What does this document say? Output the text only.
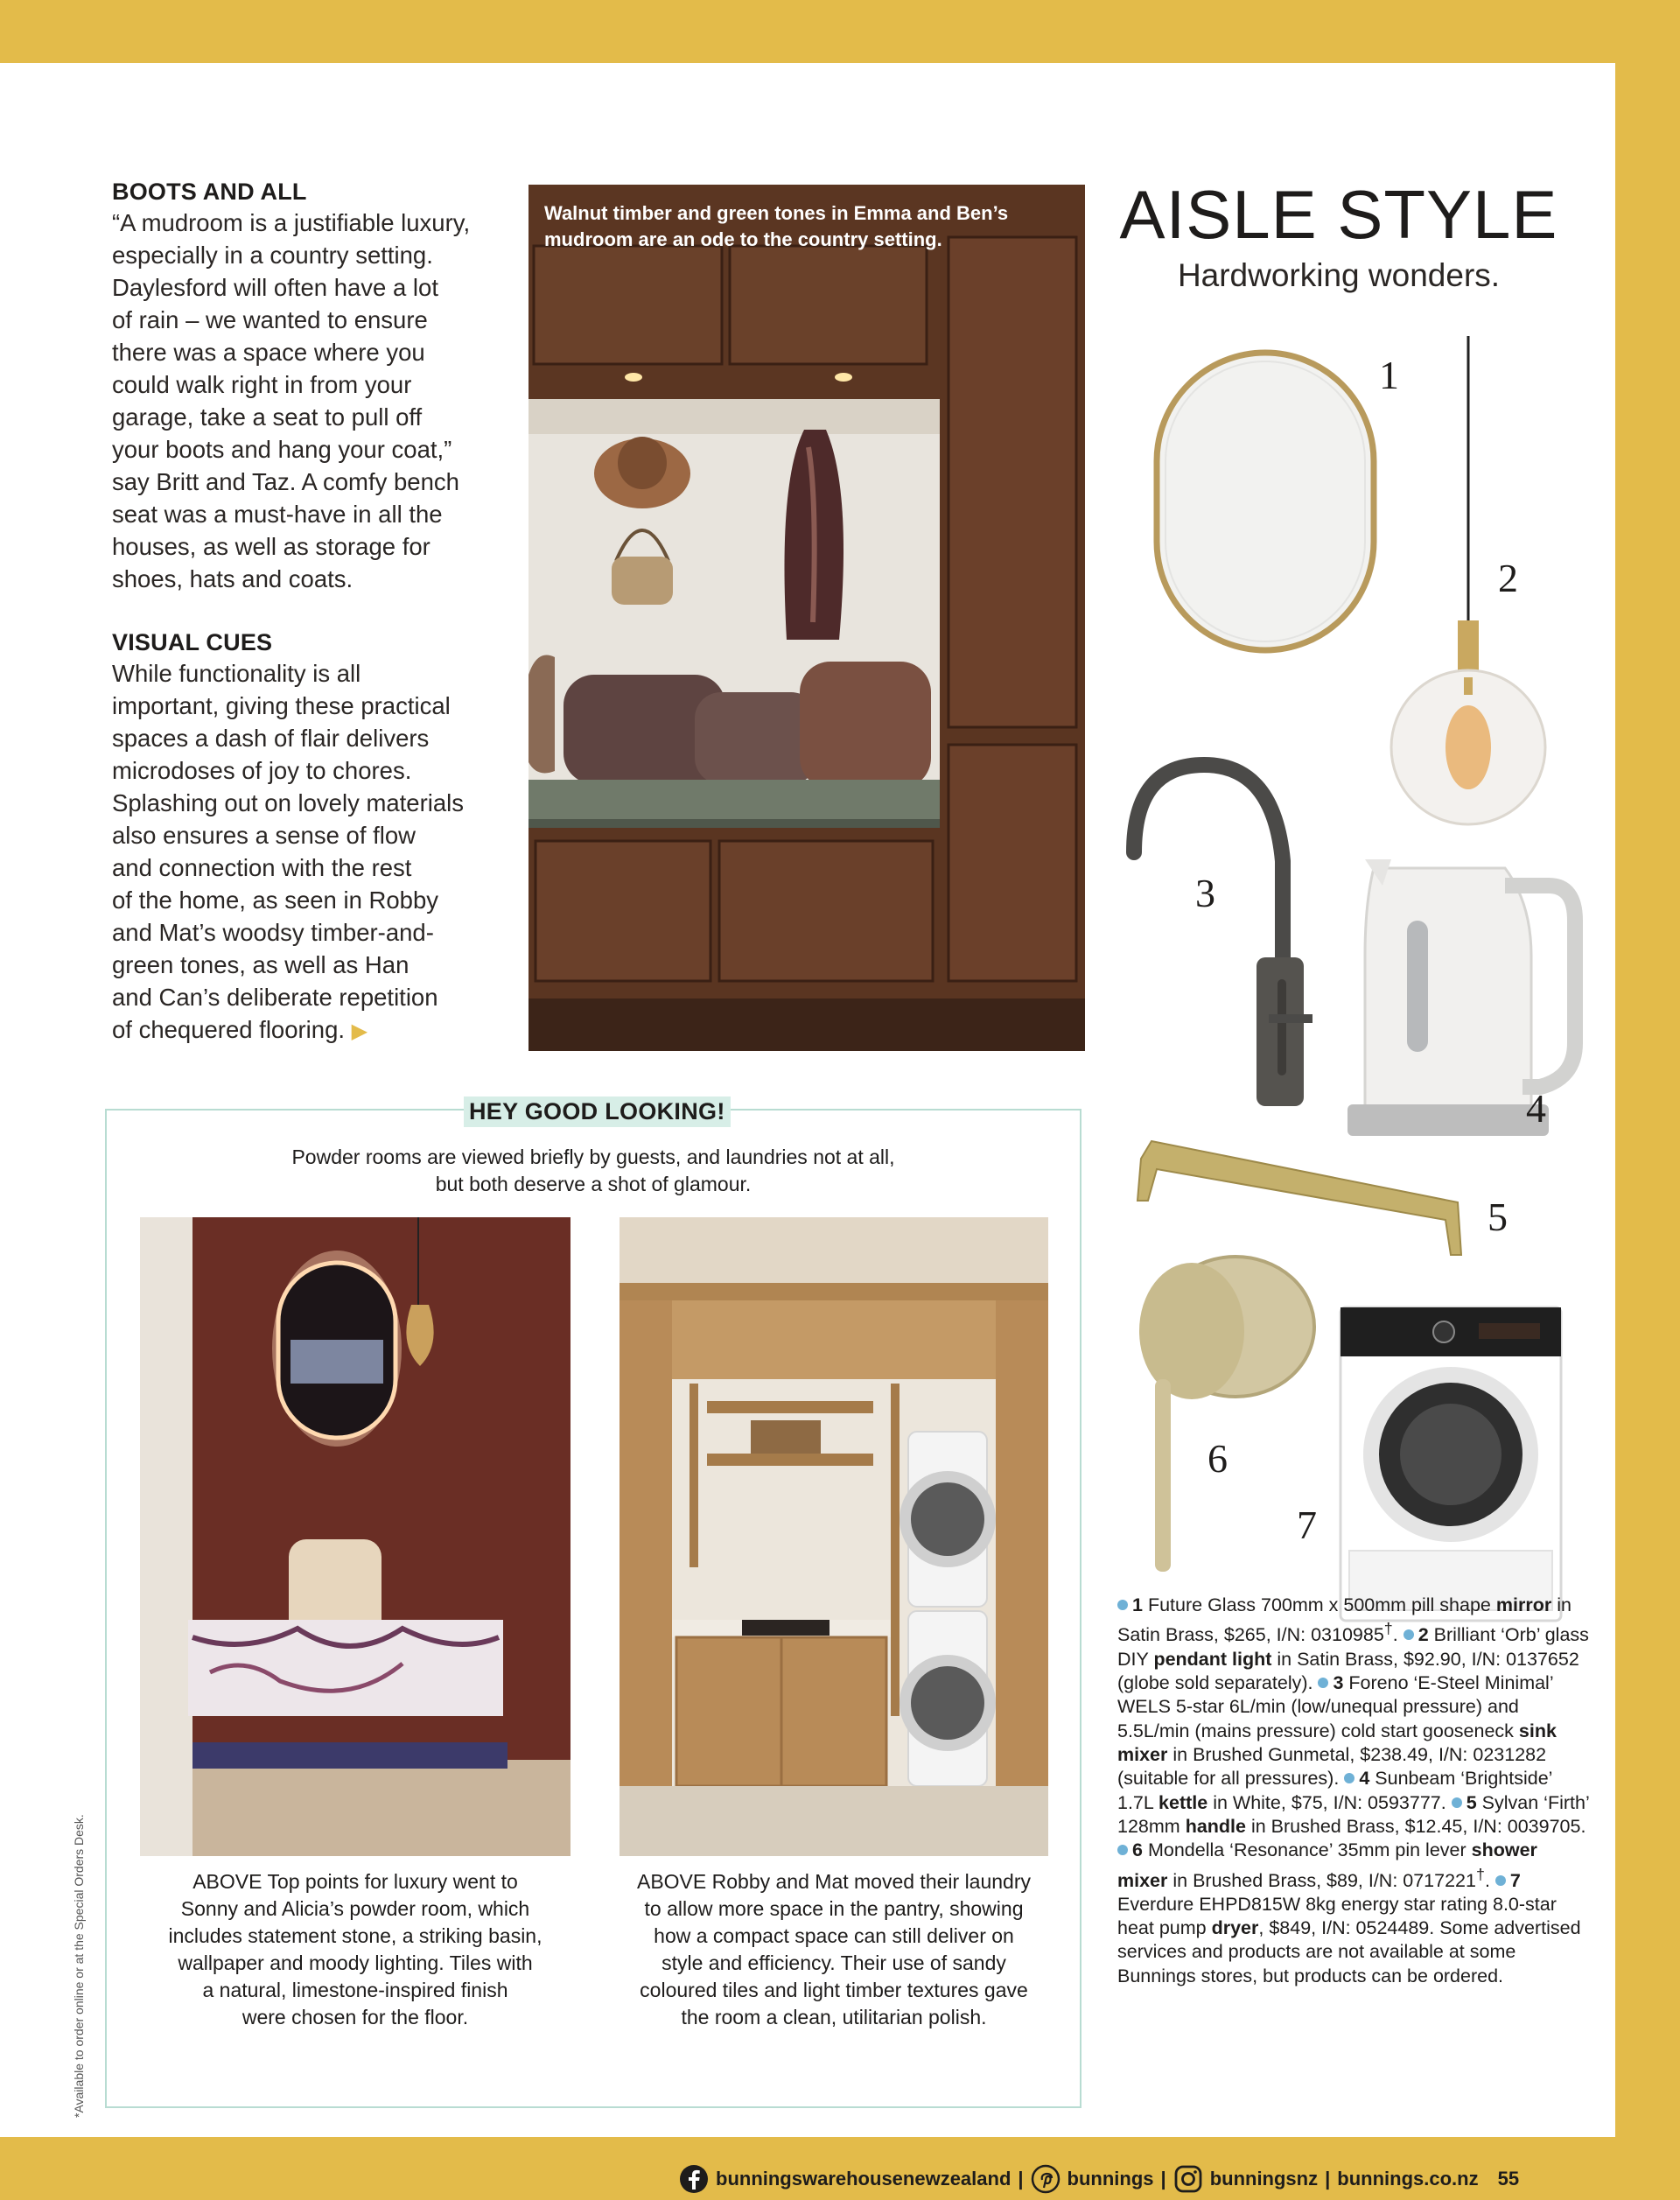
BOOTS AND ALL
“A mudroom is a justifiable luxury,
especially in a country setting.
Daylesford will often have a lot
of rain – we wanted to ensure
there was a space where you
could walk right in from your
garage, take a seat to pull off
your boots and hang your coat,”
say Britt and Taz. A comfy bench
seat was a must-have in all the
houses, as well as storage for
shoes, hats and coats.
VISUAL CUES
While functionality is all
important, giving these practical
spaces a dash of flair delivers
microdoses of joy to chores.
Splashing out on lovely materials
also ensures a sense of flow
and connection with the rest
of the home, as seen in Robby
and Mat’s woodsy timber-and-
green tones, as well as Han
and Can’s deliberate repetition
of chequered flooring. ▶
Walnut timber and green tones in Emma and Ben’s
mudroom are an ode to the country setting.	AISLE STYLE
Hardworking wonders.
1
2
3
4
5
6
7
1 Future Glass 700mm x 500mm pill shape mirror in Satin Brass, $265, I/N: 0310985†. 2 Brilliant ‘Orb’ glass DIY pendant light in Satin Brass, $92.90, I/N: 0137652 (globe sold separately). 3 Foreno ‘E-Steel Minimal’ WELS 5-star 6L/min (low/unequal pressure) and 5.5L/min (mains pressure) cold start gooseneck sink mixer in Brushed Gunmetal, $238.49, I/N: 0231282 (suitable for all pressures). 4 Sunbeam ‘Brightside’ 1.7L kettle in White, $75, I/N: 0593777. 5 Sylvan ‘Firth’ 128mm handle in Brushed Brass, $12.45, I/N: 0039705. 6 Mondella ‘Resonance’ 35mm pin lever shower mixer in Brushed Brass, $89, I/N: 0717221†. 7 Everdure EHPD815W 8kg energy star rating 8.0-star heat pump dryer, $849, I/N: 0524489. Some advertised services and products are not available at some Bunnings stores, but products can be ordered.
HEY GOOD LOOKING!
Powder rooms are viewed briefly by guests, and laundries not at all,
but both deserve a shot of glamour.
ABOVE Top points for luxury went to
Sonny and Alicia’s powder room, which
includes statement stone, a striking basin,
wallpaper and moody lighting. Tiles with
a natural, limestone-inspired finish
were chosen for the floor.
ABOVE Robby and Mat moved their laundry
to allow more space in the pantry, showing
how a compact space can still deliver on
style and efficiency. Their use of sandy
coloured tiles and light timber textures gave
the room a clean, utilitarian polish.
*Available to order online or at the Special Orders Desk.
bunningswarehousenewzealand | bunnings | bunningsnz | bunnings.co.nz 55
